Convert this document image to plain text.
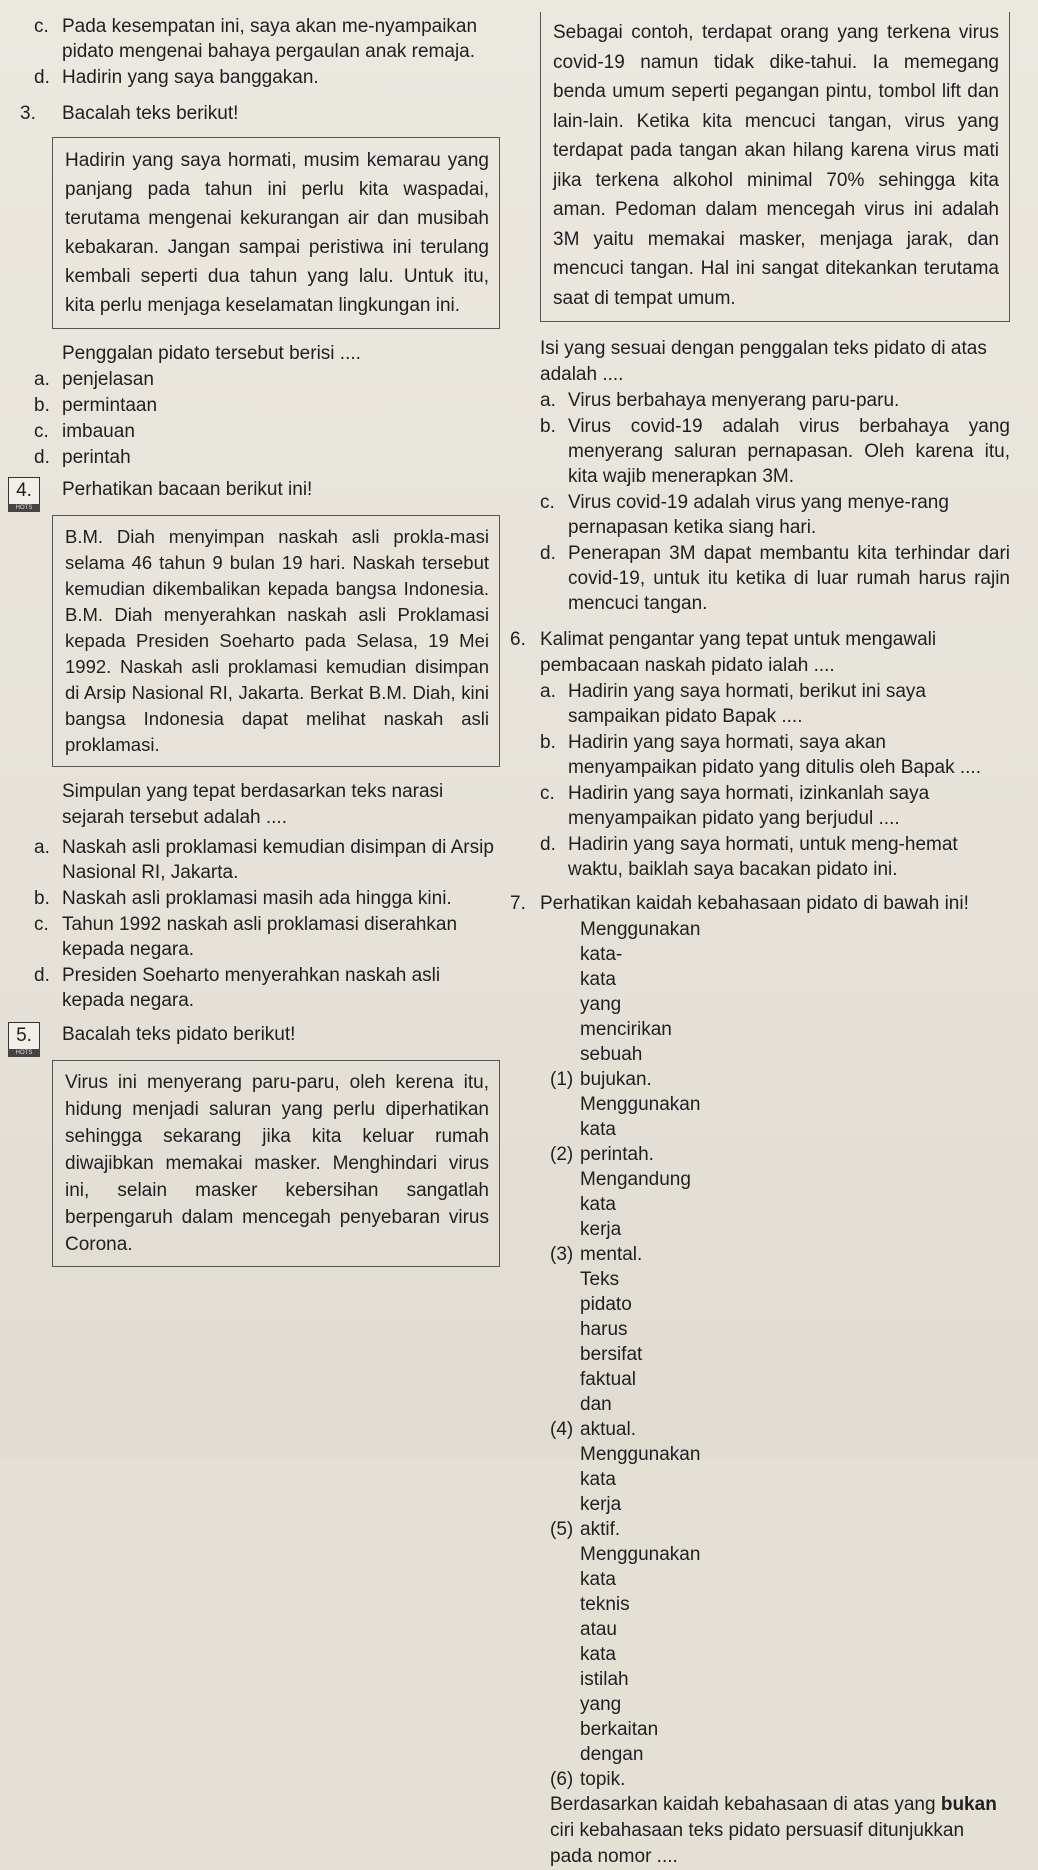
c. Pada kesempatan ini, saya akan me-nyampaikan pidato mengenai bahaya pergaulan anak remaja.

d. Hadirin yang saya banggakan.

3. Bacalah teks berikut!

Hadirin yang saya hormati, musim kemarau yang panjang pada tahun ini perlu kita waspadai, terutama mengenai kekurangan air dan musibah kebakaran. Jangan sampai peristiwa ini terulang kembali seperti dua tahun yang lalu. Untuk itu, kita perlu menjaga keselamatan lingkungan ini.

Penggalan pidato tersebut berisi ....

a. penjelasan

b. permintaan

c. imbauan

d. perintah

4.
HOTS
Perhatikan bacaan berikut ini!

B.M. Diah menyimpan naskah asli prokla-masi selama 46 tahun 9 bulan 19 hari. Naskah tersebut kemudian dikembalikan kepada bangsa Indonesia. B.M. Diah menyerahkan naskah asli Proklamasi kepada Presiden Soeharto pada Selasa, 19 Mei 1992. Naskah asli proklamasi kemudian disimpan di Arsip Nasional RI, Jakarta. Berkat B.M. Diah, kini bangsa Indonesia dapat melihat naskah asli proklamasi.

Simpulan yang tepat berdasarkan teks narasi sejarah tersebut adalah ....

a. Naskah asli proklamasi kemudian disimpan di Arsip Nasional RI, Jakarta.

b. Naskah asli proklamasi masih ada hingga kini.

c. Tahun 1992 naskah asli proklamasi diserahkan kepada negara.

d. Presiden Soeharto menyerahkan naskah asli kepada negara.

5.
HOTS
Bacalah teks pidato berikut!

Virus ini menyerang paru-paru, oleh kerena itu, hidung menjadi saluran yang perlu diperhatikan sehingga sekarang jika kita keluar rumah diwajibkan memakai masker. Menghindari virus ini, selain masker kebersihan sangatlah berpengaruh dalam mencegah penyebaran virus Corona.

Sebagai contoh, terdapat orang yang terkena virus covid-19 namun tidak dike-tahui. Ia memegang benda umum seperti pegangan pintu, tombol lift dan lain-lain. Ketika kita mencuci tangan, virus yang terdapat pada tangan akan hilang karena virus mati jika terkena alkohol minimal 70% sehingga kita aman. Pedoman dalam mencegah virus ini adalah 3M yaitu memakai masker, menjaga jarak, dan mencuci tangan. Hal ini sangat ditekankan terutama saat di tempat umum.

Isi yang sesuai dengan penggalan teks pidato di atas adalah ....

a. Virus berbahaya menyerang paru-paru.

b. Virus covid-19 adalah virus berbahaya yang menyerang saluran pernapasan. Oleh karena itu, kita wajib menerapkan 3M.

c. Virus covid-19 adalah virus yang menye-rang pernapasan ketika siang hari.

d. Penerapan 3M dapat membantu kita terhindar dari covid-19, untuk itu ketika di luar rumah harus rajin mencuci tangan.

6. Kalimat pengantar yang tepat untuk mengawali pembacaan naskah pidato ialah ....

a. Hadirin yang saya hormati, berikut ini saya sampaikan pidato Bapak ....

b. Hadirin yang saya hormati, saya akan menyampaikan pidato yang ditulis oleh Bapak ....

c. Hadirin yang saya hormati, izinkanlah saya menyampaikan pidato yang berjudul ....

d. Hadirin yang saya hormati, untuk meng-hemat waktu, baiklah saya bacakan pidato ini.

7. Perhatikan kaidah kebahasaan pidato di bawah ini!

(1)Menggunakan kata-kata yang mencirikan sebuah bujukan.

(2)Menggunakan kata perintah.

(3)Mengandung kata kerja mental.

(4)Teks pidato harus bersifat faktual dan aktual.

(5)Menggunakan kata kerja aktif.

(6)Menggunakan kata teknis atau kata istilah yang berkaitan dengan topik.

Berdasarkan kaidah kebahasaan di atas yang bukan ciri kebahasaan teks pidato persuasif ditunjukkan pada nomor ....
